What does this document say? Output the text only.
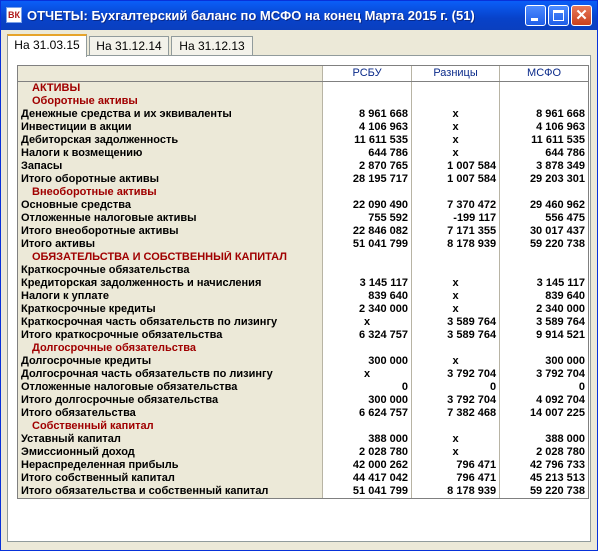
ВК ОТЧЕТЫ: Бухгалтерский баланс по МСФО на конец Марта 2015 г. (51)	✕
На 31.03.15	На 31.12.14	На 31.12.13
	РСБУ	Разницы	МСФО
АКТИВЫ			
Оборотные активы			
Денежные средства и их эквиваленты	8 961 668	x	8 961 668
Инвестиции в акции	4 106 963	x	4 106 963
Дебиторская задолженность	11 611 535	x	11 611 535
Налоги к возмещению	644 786	x	644 786
Запасы	2 870 765	1 007 584	3 878 349
Итого оборотные активы	28 195 717	1 007 584	29 203 301
Внеоборотные активы			
Основные средства	22 090 490	7 370 472	29 460 962
Отложенные налоговые активы	755 592	-199 117	556 475
Итого внеоборотные активы	22 846 082	7 171 355	30 017 437
Итого активы	51 041 799	8 178 939	59 220 738
ОБЯЗАТЕЛЬСТВА И СОБСТВЕННЫЙ КАПИТАЛ			
Краткосрочные обязательства			
Кредиторская задолженность и начисления	3 145 117	x	3 145 117
Налоги к уплате	839 640	x	839 640
Краткосрочные кредиты	2 340 000	x	2 340 000
Краткосрочная часть обязательств по лизингу	x	3 589 764	3 589 764
Итого краткосрочные обязательства	6 324 757	3 589 764	9 914 521
Долгосрочные обязательства			
Долгосрочные кредиты	300 000	x	300 000
Долгосрочная часть обязательств по лизингу	x	3 792 704	3 792 704
Отложенные налоговые обязательства	0	0	0
Итого долгосрочные обязательства	300 000	3 792 704	4 092 704
Итого обязательства	6 624 757	7 382 468	14 007 225
Собственный капитал			
Уставный капитал	388 000	x	388 000
Эмиссионный доход	2 028 780	x	2 028 780
Нераспределенная прибыль	42 000 262	796 471	42 796 733
Итого собственный капитал	44 417 042	796 471	45 213 513
Итого обязательства и собственный капитал	51 041 799	8 178 939	59 220 738
